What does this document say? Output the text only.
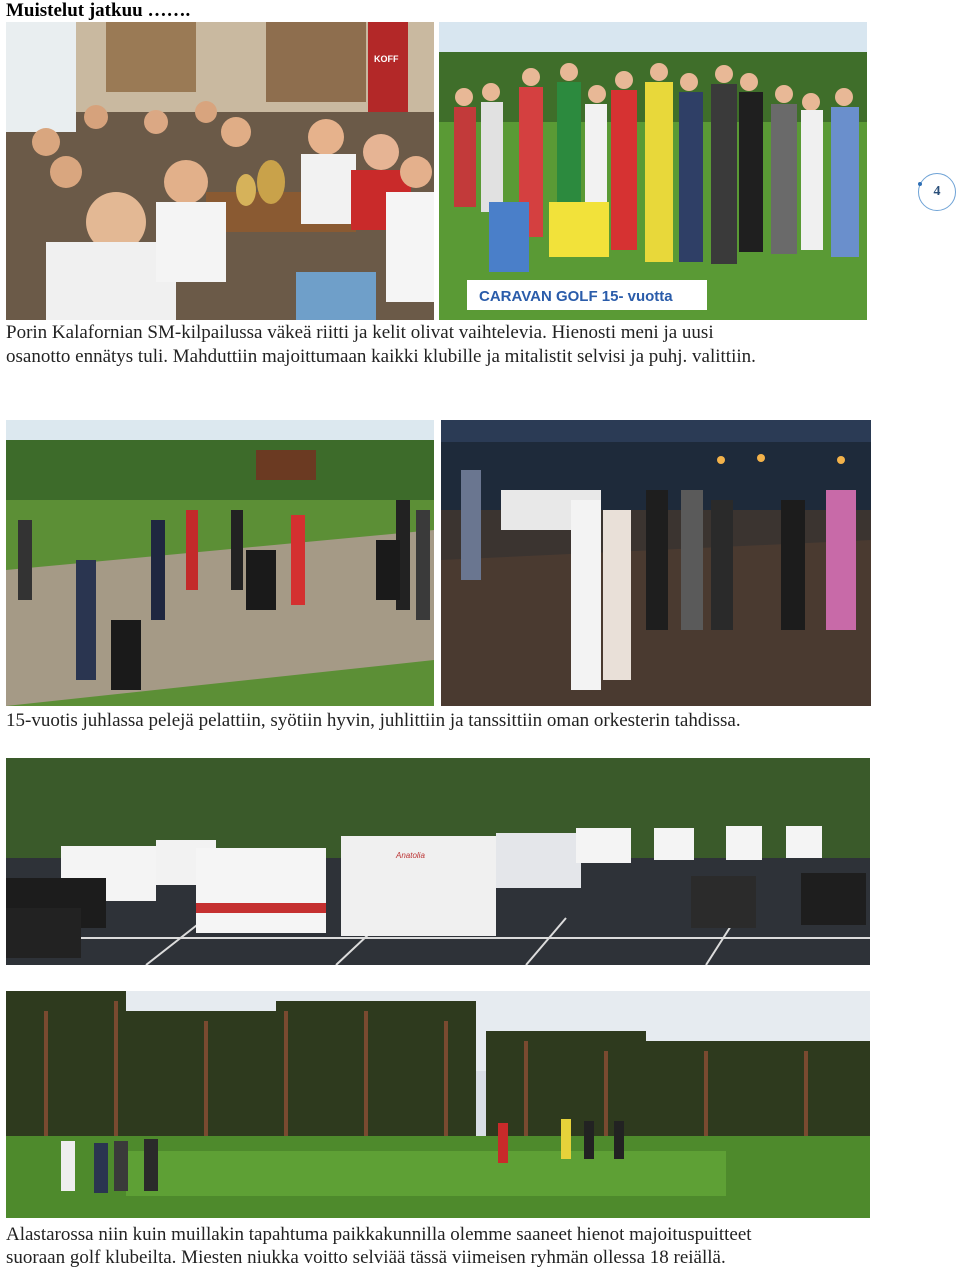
Muistelut jatkuu …….
4
KOFF
CARAVAN GOLF 15- vuotta
Porin Kalafornian SM-kilpailussa väkeä riitti ja kelit olivat vaihtelevia. Hienosti meni ja uusi
osanotto ennätys tuli. Mahduttiin majoittumaan kaikki klubille ja mitalistit selvisi ja puhj. valittiin.
15-vuotis juhlassa pelejä pelattiin, syötiin hyvin, juhlittiin ja tanssittiin oman orkesterin tahdissa.
Anatolia
Alastarossa niin kuin muillakin tapahtuma paikkakunnilla olemme saaneet hienot majoituspuitteet
suoraan golf klubeilta. Miesten niukka voitto selviää tässä viimeisen ryhmän ollessa 18 reiällä.
